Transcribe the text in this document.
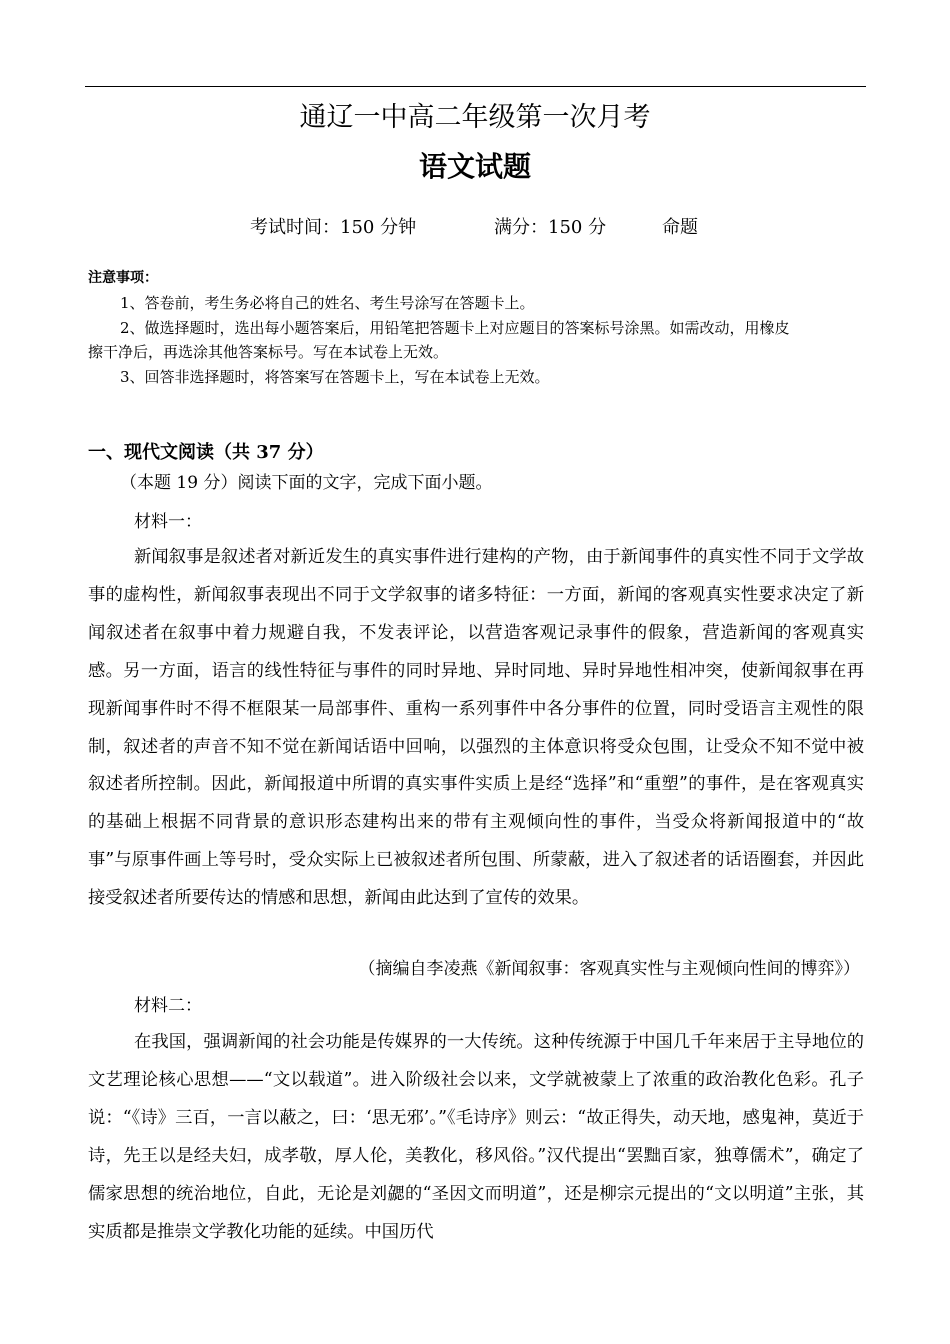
通辽一中高二年级第一次月考
语文试题
考试时间：150 分钟	满分：150 分	命题
注意事项：
1、答卷前，考生务必将自己的姓名、考生号涂写在答题卡上。
2、做选择题时，选出每小题答案后，用铅笔把答题卡上对应题目的答案标号涂黑。如需改动，用橡皮
擦干净后，再选涂其他答案标号。写在本试卷上无效。
3、回答非选择题时，将答案写在答题卡上，写在本试卷上无效。
一、现代文阅读（共 37 分）
（本题 19 分）阅读下面的文字，完成下面小题。
材料一：

新闻叙事是叙述者对新近发生的真实事件进行建构的产物，由于新闻事件的真实性不同于文学故事的虚构性，新闻叙事表现出不同于文学叙事的诸多特征：一方面，新闻的客观真实性要求决定了新闻叙述者在叙事中着力规避自我，不发表评论，以营造客观记录事件的假象，营造新闻的客观真实感。另一方面，语言的线性特征与事件的同时异地、异时同地、异时异地性相冲突，使新闻叙事在再现新闻事件时不得不框限某一局部事件、重构一系列事件中各分事件的位置，同时受语言主观性的限制，叙述者的声音不知不觉在新闻话语中回响，以强烈的主体意识将受众包围，让受众不知不觉中被叙述者所控制。因此，新闻报道中所谓的真实事件实质上是经“选择”和“重塑”的事件，是在客观真实的基础上根据不同背景的意识形态建构出来的带有主观倾向性的事件，当受众将新闻报道中的“故事”与原事件画上等号时，受众实际上已被叙述者所包围、所蒙蔽，进入了叙述者的话语圈套，并因此接受叙述者所要传达的情感和思想，新闻由此达到了宣传的效果。

（摘编自李凌燕《新闻叙事：客观真实性与主观倾向性间的博弈》）
材料二：

在我国，强调新闻的社会功能是传媒界的一大传统。这种传统源于中国几千年来居于主导地位的文艺理论核心思想——“文以载道”。进入阶级社会以来，文学就被蒙上了浓重的政治教化色彩。孔子说：“《诗》三百，一言以蔽之，曰：‘思无邪’。”《毛诗序》则云：“故正得失，动天地，感鬼神，莫近于诗，先王以是经夫妇，成孝敬，厚人伦，美教化，移风俗。”汉代提出“罢黜百家，独尊儒术”，确定了儒家思想的统治地位，自此，无论是刘勰的“圣因文而明道”，还是柳宗元提出的“文以明道”主张，其实质都是推崇文学教化功能的延续。中国历代
